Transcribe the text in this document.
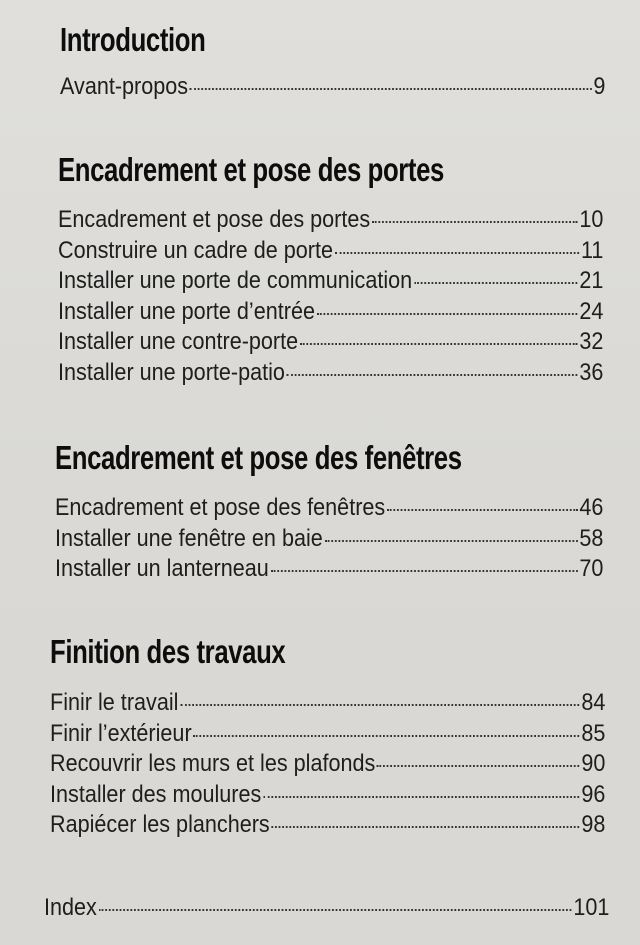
Introduction
Avant-propos	9
Encadrement et pose des portes
Encadrement et pose des portes	10
Construire un cadre de porte	11
Installer une porte de communication	21
Installer une porte d’entrée	24
Installer une contre-porte	32
Installer une porte-patio	36
Encadrement et pose des fenêtres
Encadrement et pose des fenêtres	46
Installer une fenêtre en baie	58
Installer un lanterneau	70
Finition des travaux
Finir le travail	84
Finir l’extérieur	85
Recouvrir les murs et les plafonds	90
Installer des moulures	96
Rapiécer les planchers	98
Index	101
